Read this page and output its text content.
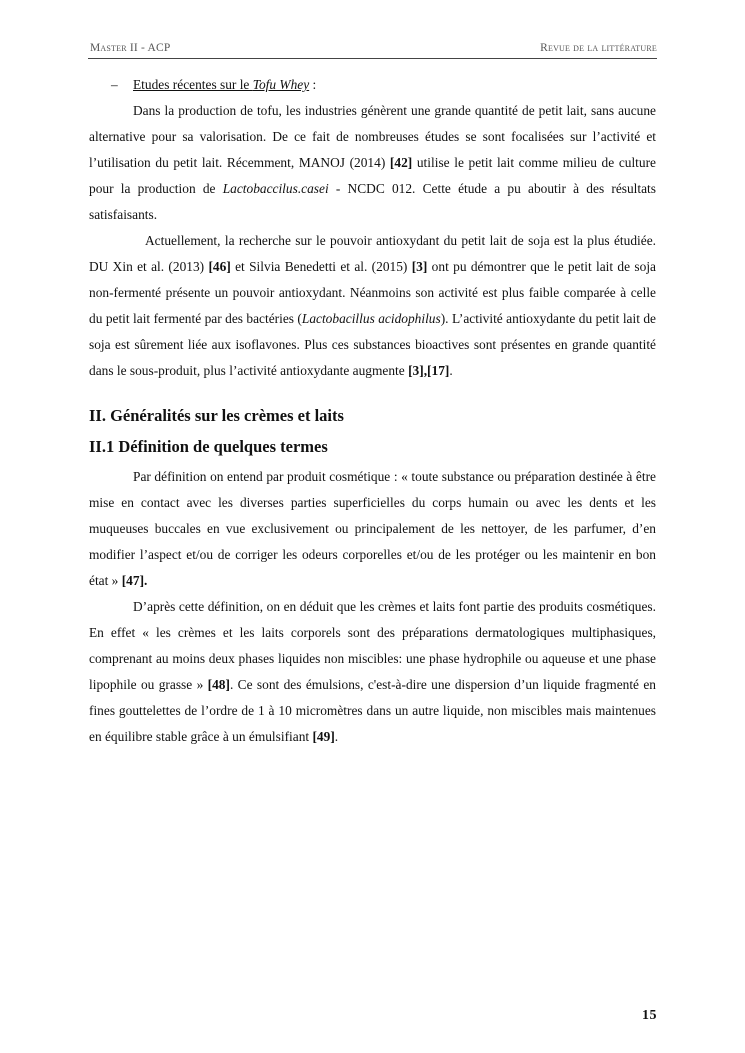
Master II - ACP	Revue de la littérature

– Etudes récentes sur le Tofu Whey :

Dans la production de tofu, les industries génèrent une grande quantité de petit lait, sans aucune alternative pour sa valorisation. De ce fait de nombreuses études se sont focalisées sur l’activité et l’utilisation du petit lait. Récemment, MANOJ (2014) [42] utilise le petit lait comme milieu de culture pour la production de Lactobaccilus.casei - NCDC 012. Cette étude a pu aboutir à des résultats satisfaisants.

Actuellement, la recherche sur le pouvoir antioxydant du petit lait de soja est la plus étudiée. DU Xin et al. (2013) [46] et Silvia Benedetti et al. (2015) [3] ont pu démontrer que le petit lait de soja non-fermenté présente un pouvoir antioxydant. Néanmoins son activité est plus faible comparée à celle du petit lait fermenté par des bactéries (Lactobacillus acidophilus). L’activité antioxydante du petit lait de soja est sûrement liée aux isoflavones. Plus ces substances bioactives sont présentes en grande quantité dans le sous-produit, plus l’activité antioxydante augmente [3],[17].

II. Généralités sur les crèmes et laits
II.1 Définition de quelques termes

Par définition on entend par produit cosmétique : « toute substance ou préparation destinée à être mise en contact avec les diverses parties superficielles du corps humain ou avec les dents et les muqueuses buccales en vue exclusivement ou principalement de les nettoyer, de les parfumer, d’en modifier l’aspect et/ou de corriger les odeurs corporelles et/ou de les protéger ou les maintenir en bon état » [47].

D’après cette définition, on en déduit que les crèmes et laits font partie des produits cosmétiques. En effet « les crèmes et les laits corporels sont des préparations dermatologiques multiphasiques, comprenant au moins deux phases liquides non miscibles: une phase hydrophile ou aqueuse et une phase lipophile ou grasse » [48]. Ce sont des émulsions, c'est-à-dire une dispersion d’un liquide fragmenté en fines gouttelettes de l’ordre de 1 à 10 micromètres dans un autre liquide, non miscibles mais maintenues en équilibre stable grâce à un émulsifiant [49].

15
